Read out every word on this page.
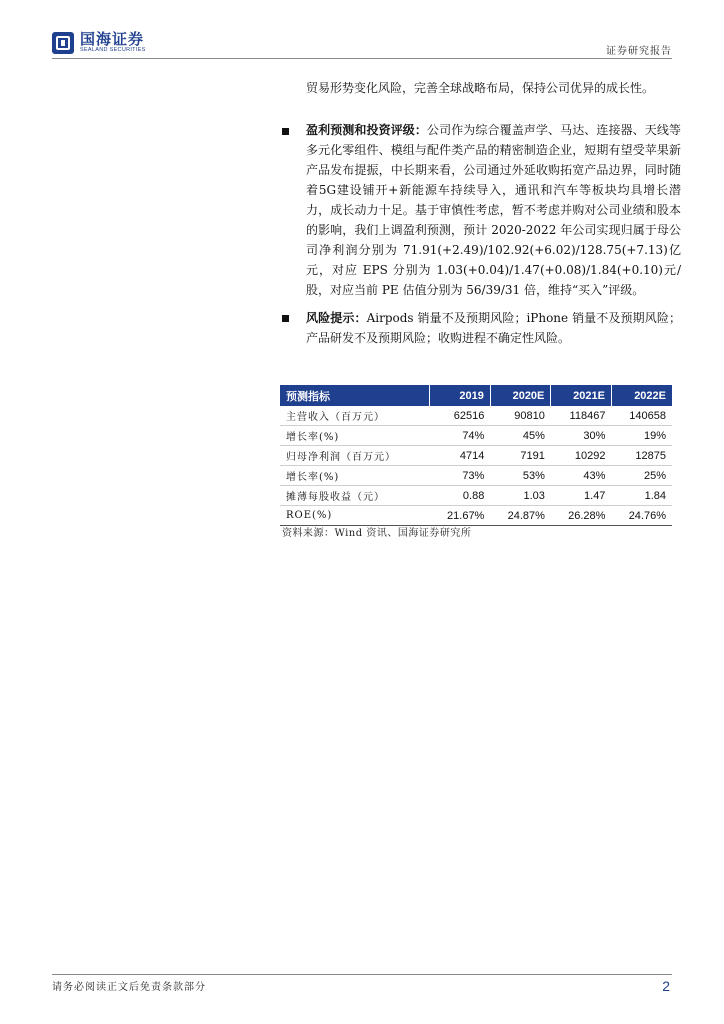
国海证券
SEALAND SECURITIES	证券研究报告
贸易形势变化风险，完善全球战略布局，保持公司优异的成长性。
盈利预测和投资评级：公司作为综合覆盖声学、马达、连接器、天线等多元化零组件、模组与配件类产品的精密制造企业，短期有望受苹果新产品发布提振，中长期来看，公司通过外延收购拓宽产品边界，同时随着5G建设铺开+新能源车持续导入，通讯和汽车等板块均具增长潜力，成长动力十足。基于审慎性考虑，暂不考虑并购对公司业绩和股本的影响，我们上调盈利预测，预计 2020-2022 年公司实现归属于母公司净利润分别为 71.91(+2.49)/102.92(+6.02)/128.75(+7.13)亿元，对应 EPS 分别为 1.03(+0.04)/1.47(+0.08)/1.84(+0.10)元/股，对应当前 PE 估值分别为 56/39/31 倍，维持“买入”评级。
风险提示：Airpods 销量不及预期风险；iPhone 销量不及预期风险；产品研发不及预期风险；收购进程不确定性风险。
预测指标	2019	2020E	2021E	2022E
主营收入（百万元）	62516	90810	118467	140658
增长率(%)	74%	45%	30%	19%
归母净利润（百万元）	4714	7191	10292	12875
增长率(%)	73%	53%	43%	25%
摊薄每股收益（元）	0.88	1.03	1.47	1.84
ROE(%)	21.67%	24.87%	26.28%	24.76%
资料来源：Wind 资讯、国海证券研究所
请务必阅读正文后免责条款部分	2
